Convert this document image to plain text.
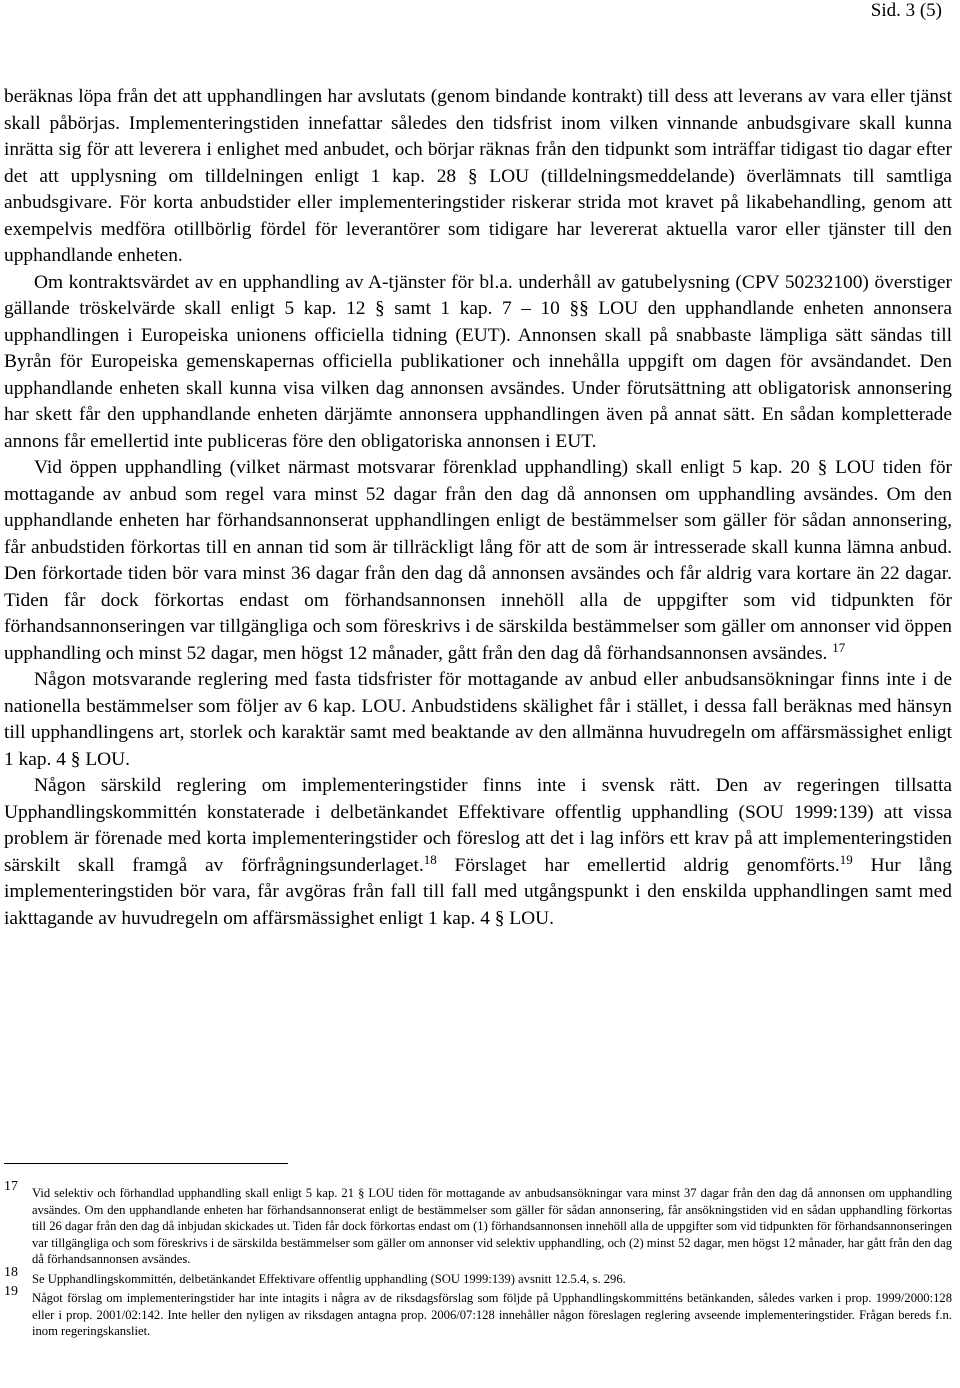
Sid. 3 (5)

beräknas löpa från det att upphandlingen har avslutats (genom bindande kontrakt) till dess att leverans av vara eller tjänst skall påbörjas. Implementeringstiden innefattar således den tidsfrist inom vilken vinnande anbudsgivare skall kunna inrätta sig för att leverera i enlighet med anbudet, och börjar räknas från den tidpunkt som inträffar tidigast tio dagar efter det att upplysning om tilldelningen enligt 1 kap. 28 § LOU (tilldelningsmeddelande) överlämnats till samtliga anbudsgivare. För korta anbudstider eller implementeringstider riskerar strida mot kravet på likabehandling, genom att exempelvis medföra otillbörlig fördel för leverantörer som tidigare har levererat aktuella varor eller tjänster till den upphandlande enheten.

Om kontraktsvärdet av en upphandling av A-tjänster för bl.a. underhåll av gatubelysning (CPV 50232100) överstiger gällande tröskelvärde skall enligt 5 kap. 12 § samt 1 kap. 7 – 10 §§ LOU den upphandlande enheten annonsera upphandlingen i Europeiska unionens officiella tidning (EUT). Annonsen skall på snabbaste lämpliga sätt sändas till Byrån för Europeiska gemenskapernas officiella publikationer och innehålla uppgift om dagen för avsändandet. Den upphandlande enheten skall kunna visa vilken dag annonsen avsändes. Under förutsättning att obligatorisk annonsering har skett får den upphandlande enheten därjämte annonsera upphandlingen även på annat sätt. En sådan kompletterade annons får emellertid inte publiceras före den obligatoriska annonsen i EUT.

Vid öppen upphandling (vilket närmast motsvarar förenklad upphandling) skall enligt 5 kap. 20 § LOU tiden för mottagande av anbud som regel vara minst 52 dagar från den dag då annonsen om upphandling avsändes. Om den upphandlande enheten har förhandsannonserat upphandlingen enligt de bestämmelser som gäller för sådan annonsering, får anbudstiden förkortas till en annan tid som är tillräckligt lång för att de som är intresserade skall kunna lämna anbud. Den förkortade tiden bör vara minst 36 dagar från den dag då annonsen avsändes och får aldrig vara kortare än 22 dagar. Tiden får dock förkortas endast om förhandsannonsen innehöll alla de uppgifter som vid tidpunkten för förhandsannonseringen var tillgängliga och som föreskrivs i de särskilda bestämmelser som gäller om annonser vid öppen upphandling och minst 52 dagar, men högst 12 månader, gått från den dag då förhandsannonsen avsändes. $^{17}$

Någon motsvarande reglering med fasta tidsfrister för mottagande av anbud eller anbudsansökningar finns inte i de nationella bestämmelser som följer av 6 kap. LOU. Anbudstidens skälighet får i stället, i dessa fall beräknas med hänsyn till upphandlingens art, storlek och karaktär samt med beaktande av den allmänna huvudregeln om affärsmässighet enligt 1 kap. 4 § LOU.

Någon särskild reglering om implementeringstider finns inte i svensk rätt. Den av regeringen tillsatta Upphandlingskommittén konstaterade i delbetänkandet Effektivare offentlig upphandling (SOU 1999:139) att vissa problem är förenade med korta implementeringstider och föreslog att det i lag införs ett krav på att implementeringstiden särskilt skall framgå av förfrågningsunderlaget.$^{18}$ Förslaget har emellertid aldrig genomförts.$^{19}$ Hur lång implementeringstiden bör vara, får avgöras från fall till fall med utgångspunkt i den enskilda upphandlingen samt med iakttagande av huvudregeln om affärsmässighet enligt 1 kap. 4 § LOU.

17 Vid selektiv och förhandlad upphandling skall enligt 5 kap. 21 § LOU tiden för mottagande av anbudsansökningar vara minst 37 dagar från den dag då annonsen om upphandling avsändes. Om den upphandlande enheten har förhandsannonserat enligt de bestämmelser som gäller för sådan annonsering, får ansökningstiden vid en sådan upphandling förkortas till 26 dagar från den dag då inbjudan skickades ut. Tiden får dock förkortas endast om (1) förhandsannonsen innehöll alla de uppgifter som vid tidpunkten för förhandsannonseringen var tillgängliga och som föreskrivs i de särskilda bestämmelser som gäller om annonser vid selektiv upphandling, och (2) minst 52 dagar, men högst 12 månader, har gått från den dag då förhandsannonsen avsändes.
18 Se Upphandlingskommittén, delbetänkandet Effektivare offentlig upphandling (SOU 1999:139) avsnitt 12.5.4, s. 296.
19 Något förslag om implementeringstider har inte intagits i några av de riksdagsförslag som följde på Upphandlingskommitténs betänkanden, således varken i prop. 1999/2000:128 eller i prop. 2001/02:142. Inte heller den nyligen av riksdagen antagna prop. 2006/07:128 innehåller någon föreslagen reglering avseende implementeringstider. Frågan bereds f.n. inom regeringskansliet.
